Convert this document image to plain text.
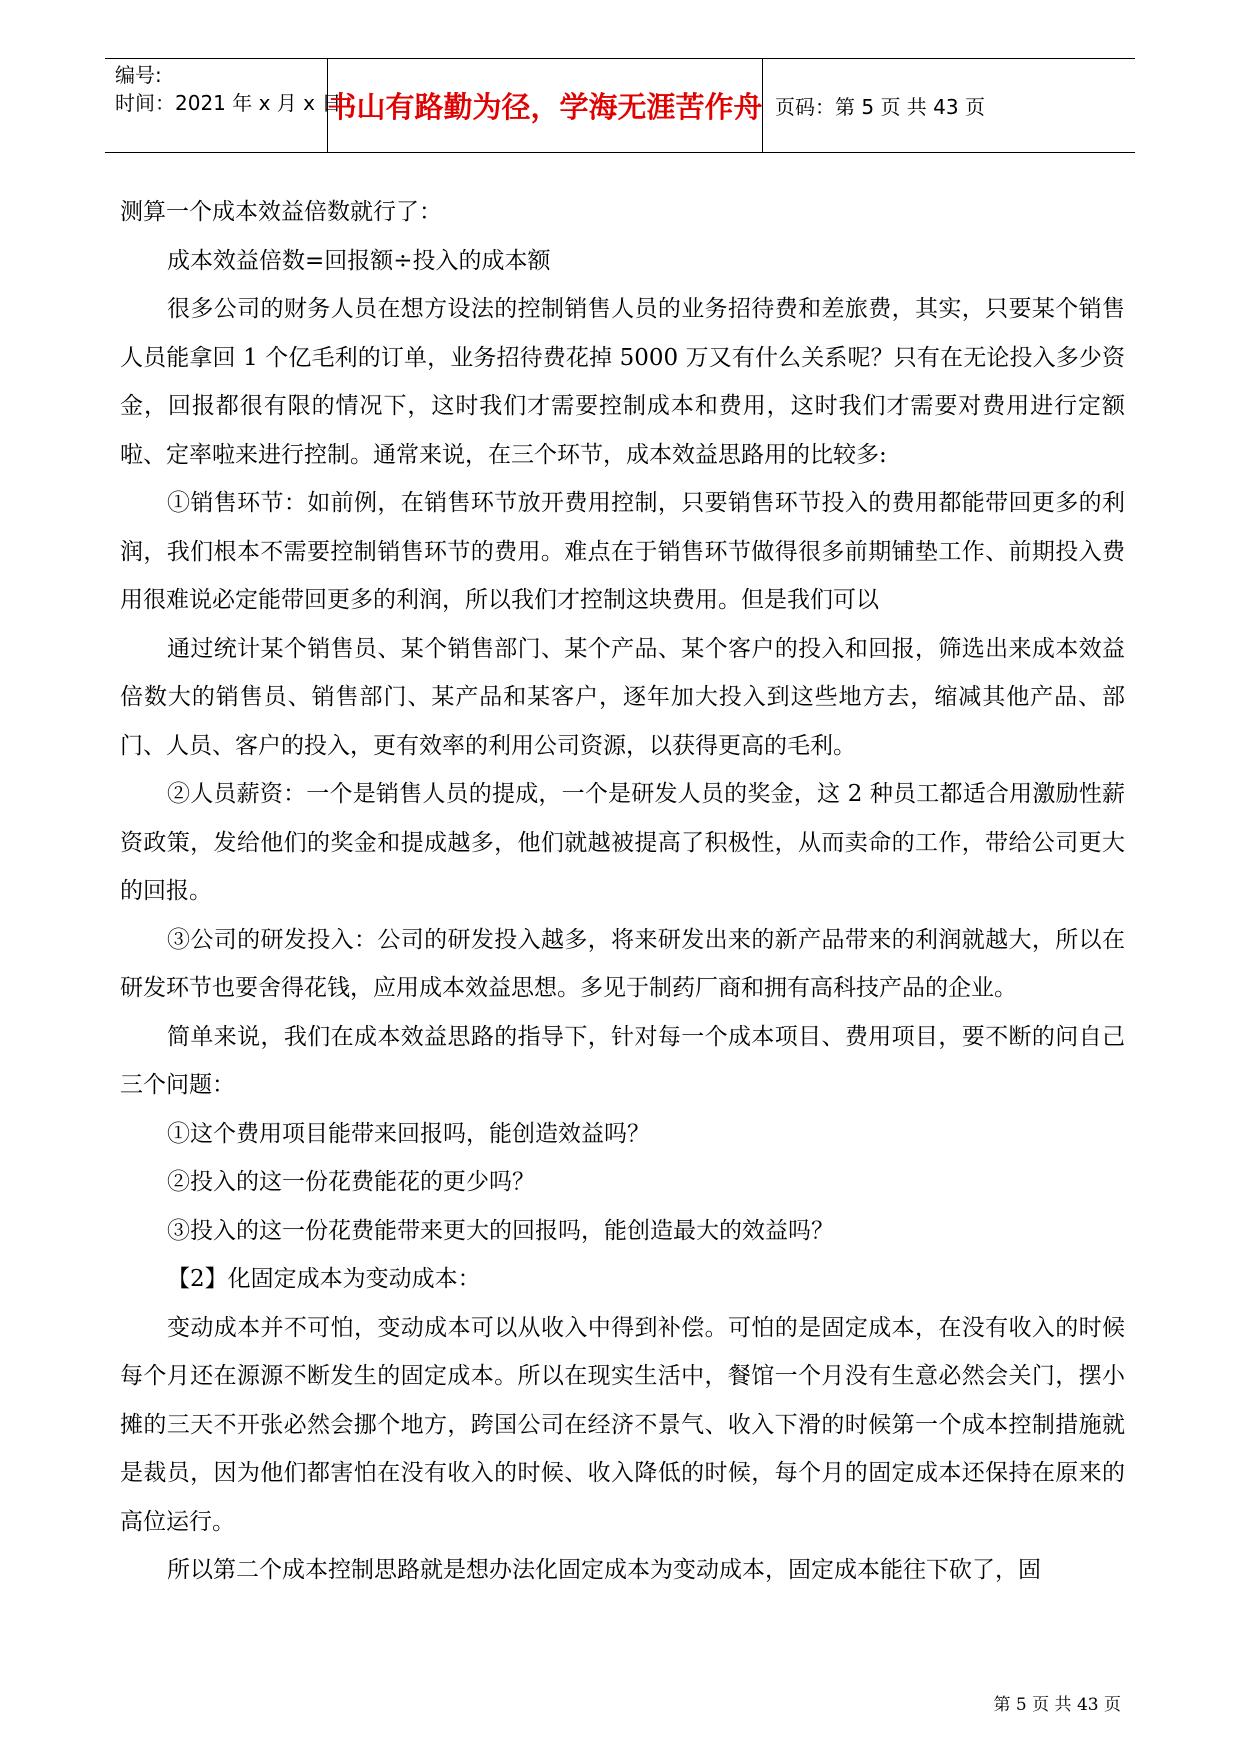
编号:
时间：2021 年 x 月 x 日
书山有路勤为径，学海无涯苦作舟 页码：第 5 页 共 43 页

测算一个成本效益倍数就行了：

成本效益倍数=回报额÷投入的成本额

很多公司的财务人员在想方设法的控制销售人员的业务招待费和差旅费，其实，只要某个销售人员能拿回 1 个亿毛利的订单，业务招待费花掉 5000 万又有什么关系呢？只有在无论投入多少资金，回报都很有限的情况下，这时我们才需要控制成本和费用，这时我们才需要对费用进行定额啦、定率啦来进行控制。通常来说，在三个环节，成本效益思路用的比较多:

①销售环节：如前例，在销售环节放开费用控制，只要销售环节投入的费用都能带回更多的利润，我们根本不需要控制销售环节的费用。难点在于销售环节做得很多前期铺垫工作、前期投入费用很难说必定能带回更多的利润，所以我们才控制这块费用。但是我们可以

通过统计某个销售员、某个销售部门、某个产品、某个客户的投入和回报，筛选出来成本效益倍数大的销售员、销售部门、某产品和某客户，逐年加大投入到这些地方去，缩减其他产品、部门、人员、客户的投入，更有效率的利用公司资源，以获得更高的毛利。

②人员薪资：一个是销售人员的提成，一个是研发人员的奖金，这 2 种员工都适合用激励性薪资政策，发给他们的奖金和提成越多，他们就越被提高了积极性，从而卖命的工作，带给公司更大的回报。

③公司的研发投入：公司的研发投入越多，将来研发出来的新产品带来的利润就越大，所以在研发环节也要舍得花钱，应用成本效益思想。多见于制药厂商和拥有高科技产品的企业。

简单来说，我们在成本效益思路的指导下，针对每一个成本项目、费用项目，要不断的问自己三个问题：

①这个费用项目能带来回报吗，能创造效益吗？

②投入的这一份花费能花的更少吗？

③投入的这一份花费能带来更大的回报吗，能创造最大的效益吗？

【2】化固定成本为变动成本：

变动成本并不可怕，变动成本可以从收入中得到补偿。可怕的是固定成本，在没有收入的时候每个月还在源源不断发生的固定成本。所以在现实生活中，餐馆一个月没有生意必然会关门，摆小摊的三天不开张必然会挪个地方，跨国公司在经济不景气、收入下滑的时候第一个成本控制措施就是裁员，因为他们都害怕在没有收入的时候、收入降低的时候，每个月的固定成本还保持在原来的高位运行。

所以第二个成本控制思路就是想办法化固定成本为变动成本，固定成本能往下砍了，固

第 5 页 共 43 页
